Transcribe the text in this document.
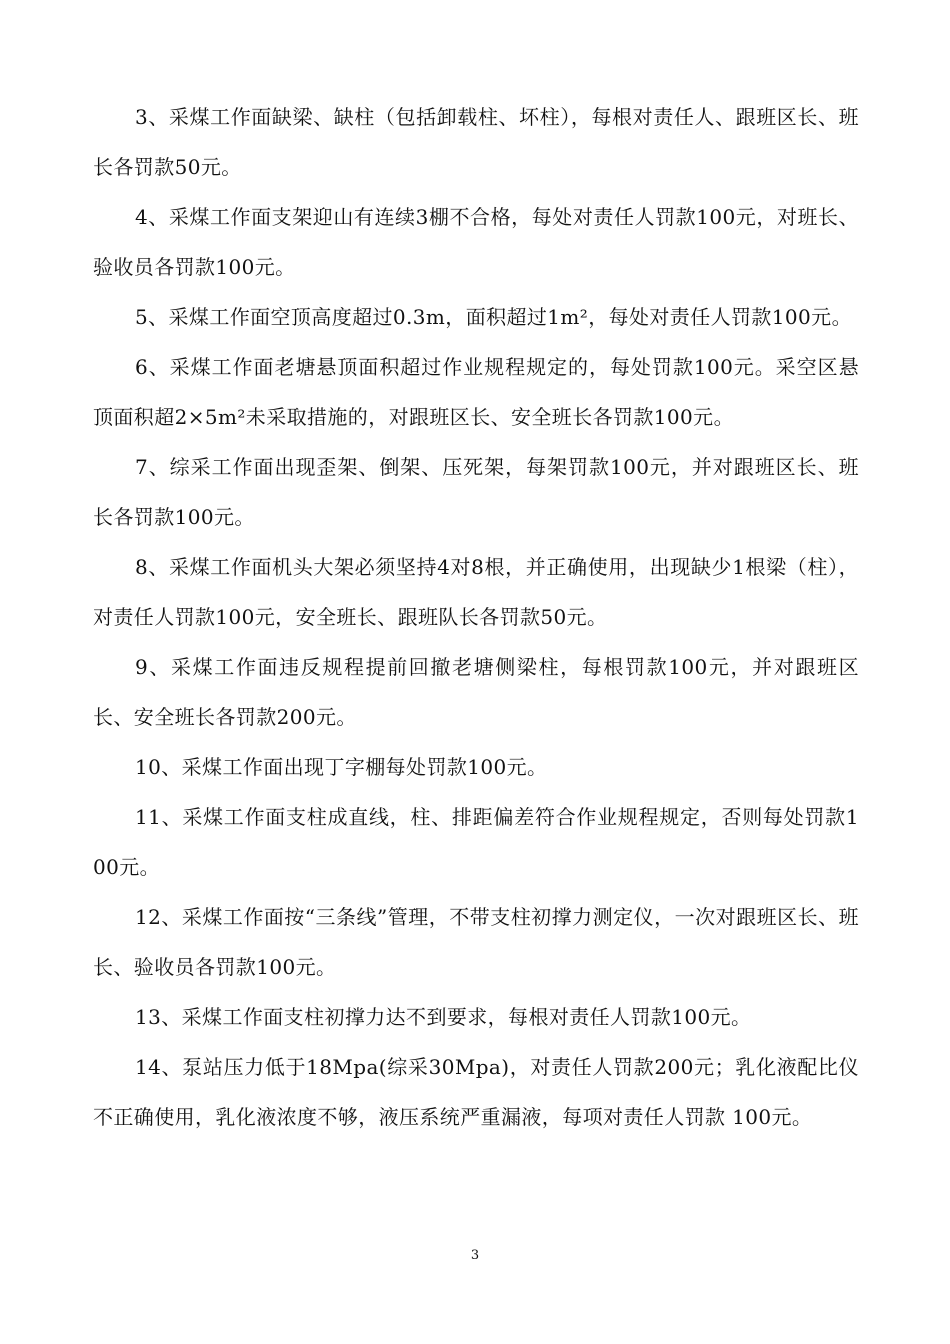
3、采煤工作面缺梁、缺柱（包括卸载柱、坏柱），每根对责任人、跟班区长、班长各罚款50元。

4、采煤工作面支架迎山有连续3棚不合格，每处对责任人罚款100元，对班长、验收员各罚款100元。

5、采煤工作面空顶高度超过0.3m，面积超过1m²，每处对责任人罚款100元。

6、采煤工作面老塘悬顶面积超过作业规程规定的，每处罚款100元。采空区悬顶面积超2×5m²未采取措施的，对跟班区长、安全班长各罚款100元。

7、综采工作面出现歪架、倒架、压死架，每架罚款100元，并对跟班区长、班长各罚款100元。

8、采煤工作面机头大架必须坚持4对8根，并正确使用，出现缺少1根梁（柱），对责任人罚款100元，安全班长、跟班队长各罚款50元。

9、采煤工作面违反规程提前回撤老塘侧梁柱，每根罚款100元，并对跟班区长、安全班长各罚款200元。

10、采煤工作面出现丁字棚每处罚款100元。

11、采煤工作面支柱成直线，柱、排距偏差符合作业规程规定，否则每处罚款100元。

12、采煤工作面按“三条线”管理，不带支柱初撑力测定仪，一次对跟班区长、班长、验收员各罚款100元。

13、采煤工作面支柱初撑力达不到要求，每根对责任人罚款100元。

14、泵站压力低于18Mpa(综采30Mpa)，对责任人罚款200元；乳化液配比仪不正确使用，乳化液浓度不够，液压系统严重漏液，每项对责任人罚款 100元。

3
